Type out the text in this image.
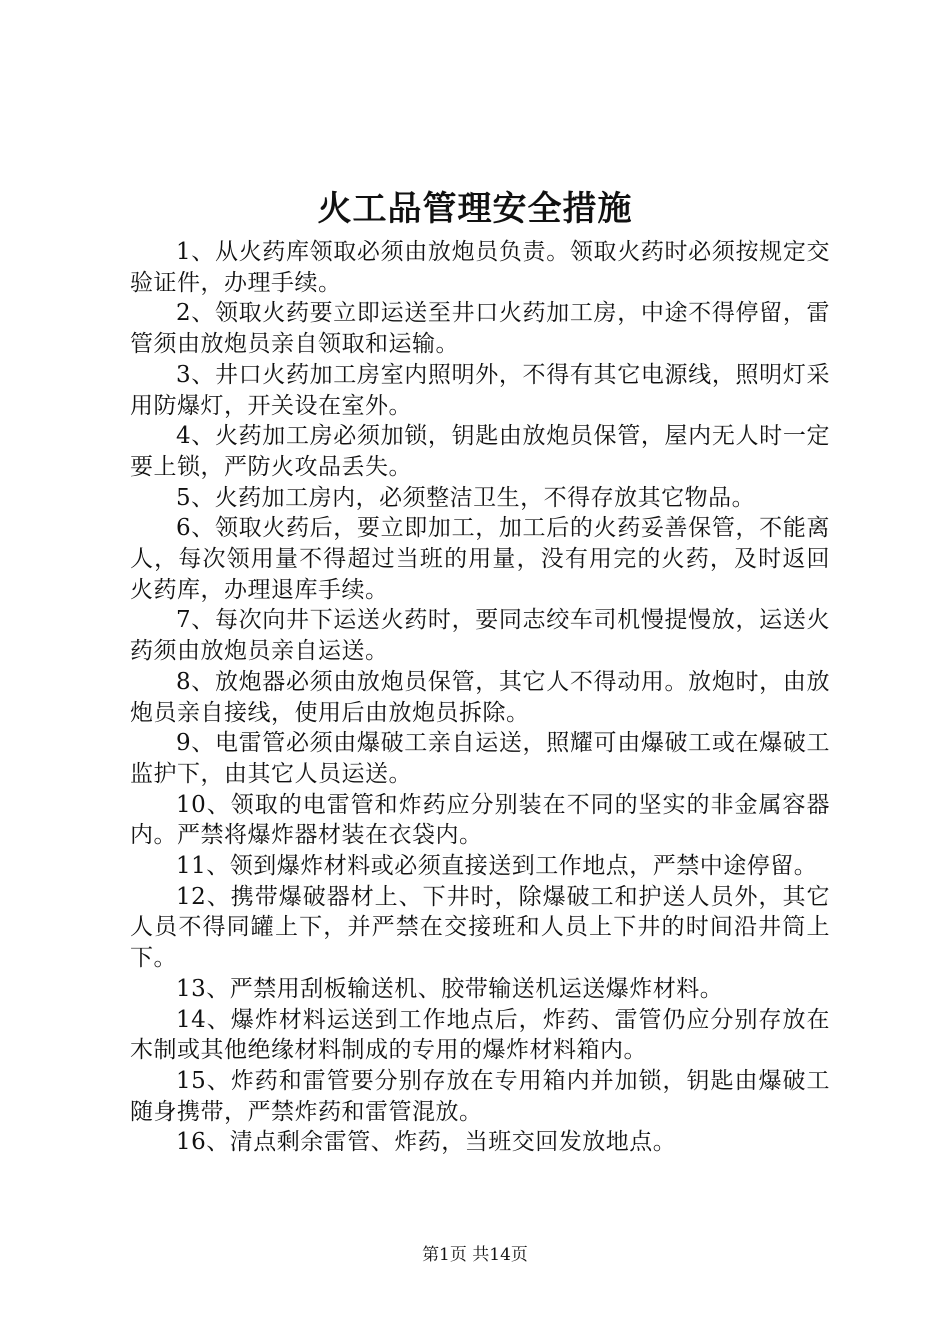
火工品管理安全措施

1、从火药库领取必须由放炮员负责。领取火药时必须按规定交验证件，办理手续。

2、领取火药要立即运送至井口火药加工房，中途不得停留，雷管须由放炮员亲自领取和运输。

3、井口火药加工房室内照明外，不得有其它电源线，照明灯采用防爆灯，开关设在室外。

4、火药加工房必须加锁，钥匙由放炮员保管，屋内无人时一定要上锁，严防火攻品丢失。

5、火药加工房内，必须整洁卫生，不得存放其它物品。

6、领取火药后，要立即加工，加工后的火药妥善保管，不能离人，每次领用量不得超过当班的用量，没有用完的火药，及时返回火药库，办理退库手续。

7、每次向井下运送火药时，要同志绞车司机慢提慢放，运送火药须由放炮员亲自运送。

8、放炮器必须由放炮员保管，其它人不得动用。放炮时，由放炮员亲自接线，使用后由放炮员拆除。

9、电雷管必须由爆破工亲自运送，照耀可由爆破工或在爆破工监护下，由其它人员运送。

10、领取的电雷管和炸药应分别装在不同的坚实的非金属容器内。严禁将爆炸器材装在衣袋内。

11、领到爆炸材料或必须直接送到工作地点，严禁中途停留。

12、携带爆破器材上、下井时，除爆破工和护送人员外，其它人员不得同罐上下，并严禁在交接班和人员上下井的时间沿井筒上下。

13、严禁用刮板输送机、胶带输送机运送爆炸材料。

14、爆炸材料运送到工作地点后，炸药、雷管仍应分别存放在木制或其他绝缘材料制成的专用的爆炸材料箱内。

15、炸药和雷管要分别存放在专用箱内并加锁，钥匙由爆破工随身携带，严禁炸药和雷管混放。

16、清点剩余雷管、炸药，当班交回发放地点。

第1页 共14页
